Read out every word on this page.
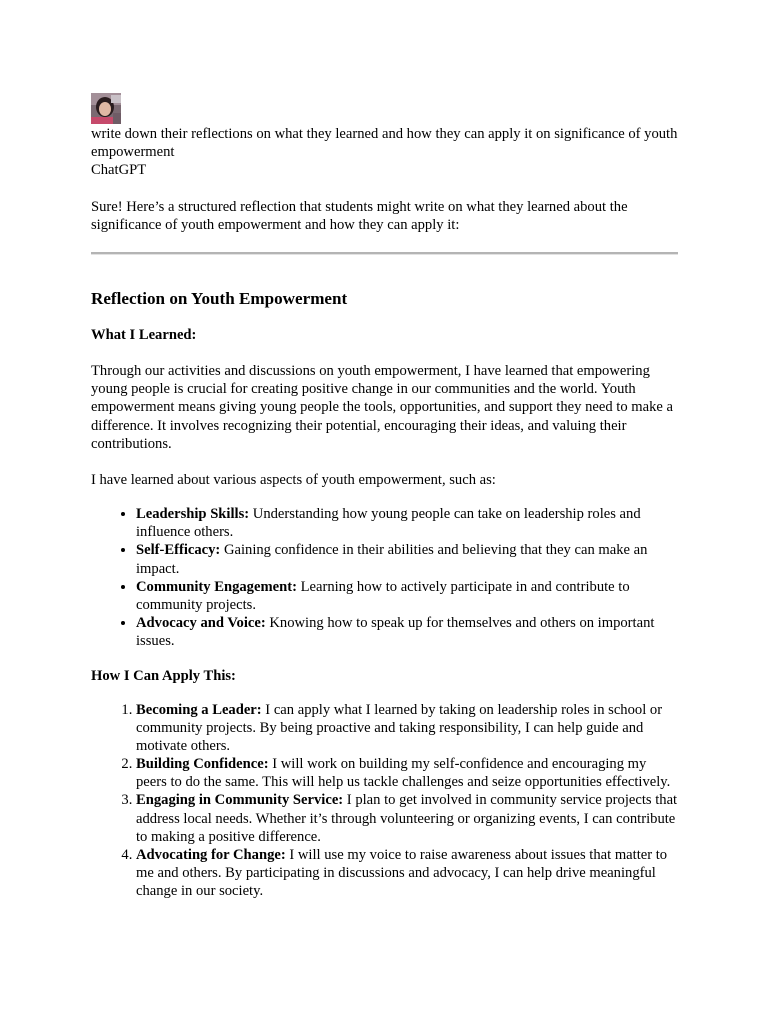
write down their reflections on what they learned and how they can apply it on significance of youth empowerment

ChatGPT

Sure! Here’s a structured reflection that students might write on what they learned about the significance of youth empowerment and how they can apply it:

Reflection on Youth Empowerment
What I Learned:

Through our activities and discussions on youth empowerment, I have learned that empowering young people is crucial for creating positive change in our communities and the world. Youth empowerment means giving young people the tools, opportunities, and support they need to make a difference. It involves recognizing their potential, encouraging their ideas, and valuing their contributions.

I have learned about various aspects of youth empowerment, such as:

• Leadership Skills: Understanding how young people can take on leadership roles and influence others.
• Self-Efficacy: Gaining confidence in their abilities and believing that they can make an impact.
• Community Engagement: Learning how to actively participate in and contribute to community projects.
• Advocacy and Voice: Knowing how to speak up for themselves and others on important issues.
How I Can Apply This:
1. Becoming a Leader: I can apply what I learned by taking on leadership roles in school or community projects. By being proactive and taking responsibility, I can help guide and motivate others.
2. Building Confidence: I will work on building my self-confidence and encouraging my peers to do the same. This will help us tackle challenges and seize opportunities effectively.
3. Engaging in Community Service: I plan to get involved in community service projects that address local needs. Whether it’s through volunteering or organizing events, I can contribute to making a positive difference.
4. Advocating for Change: I will use my voice to raise awareness about issues that matter to me and others. By participating in discussions and advocacy, I can help drive meaningful change in our society.
